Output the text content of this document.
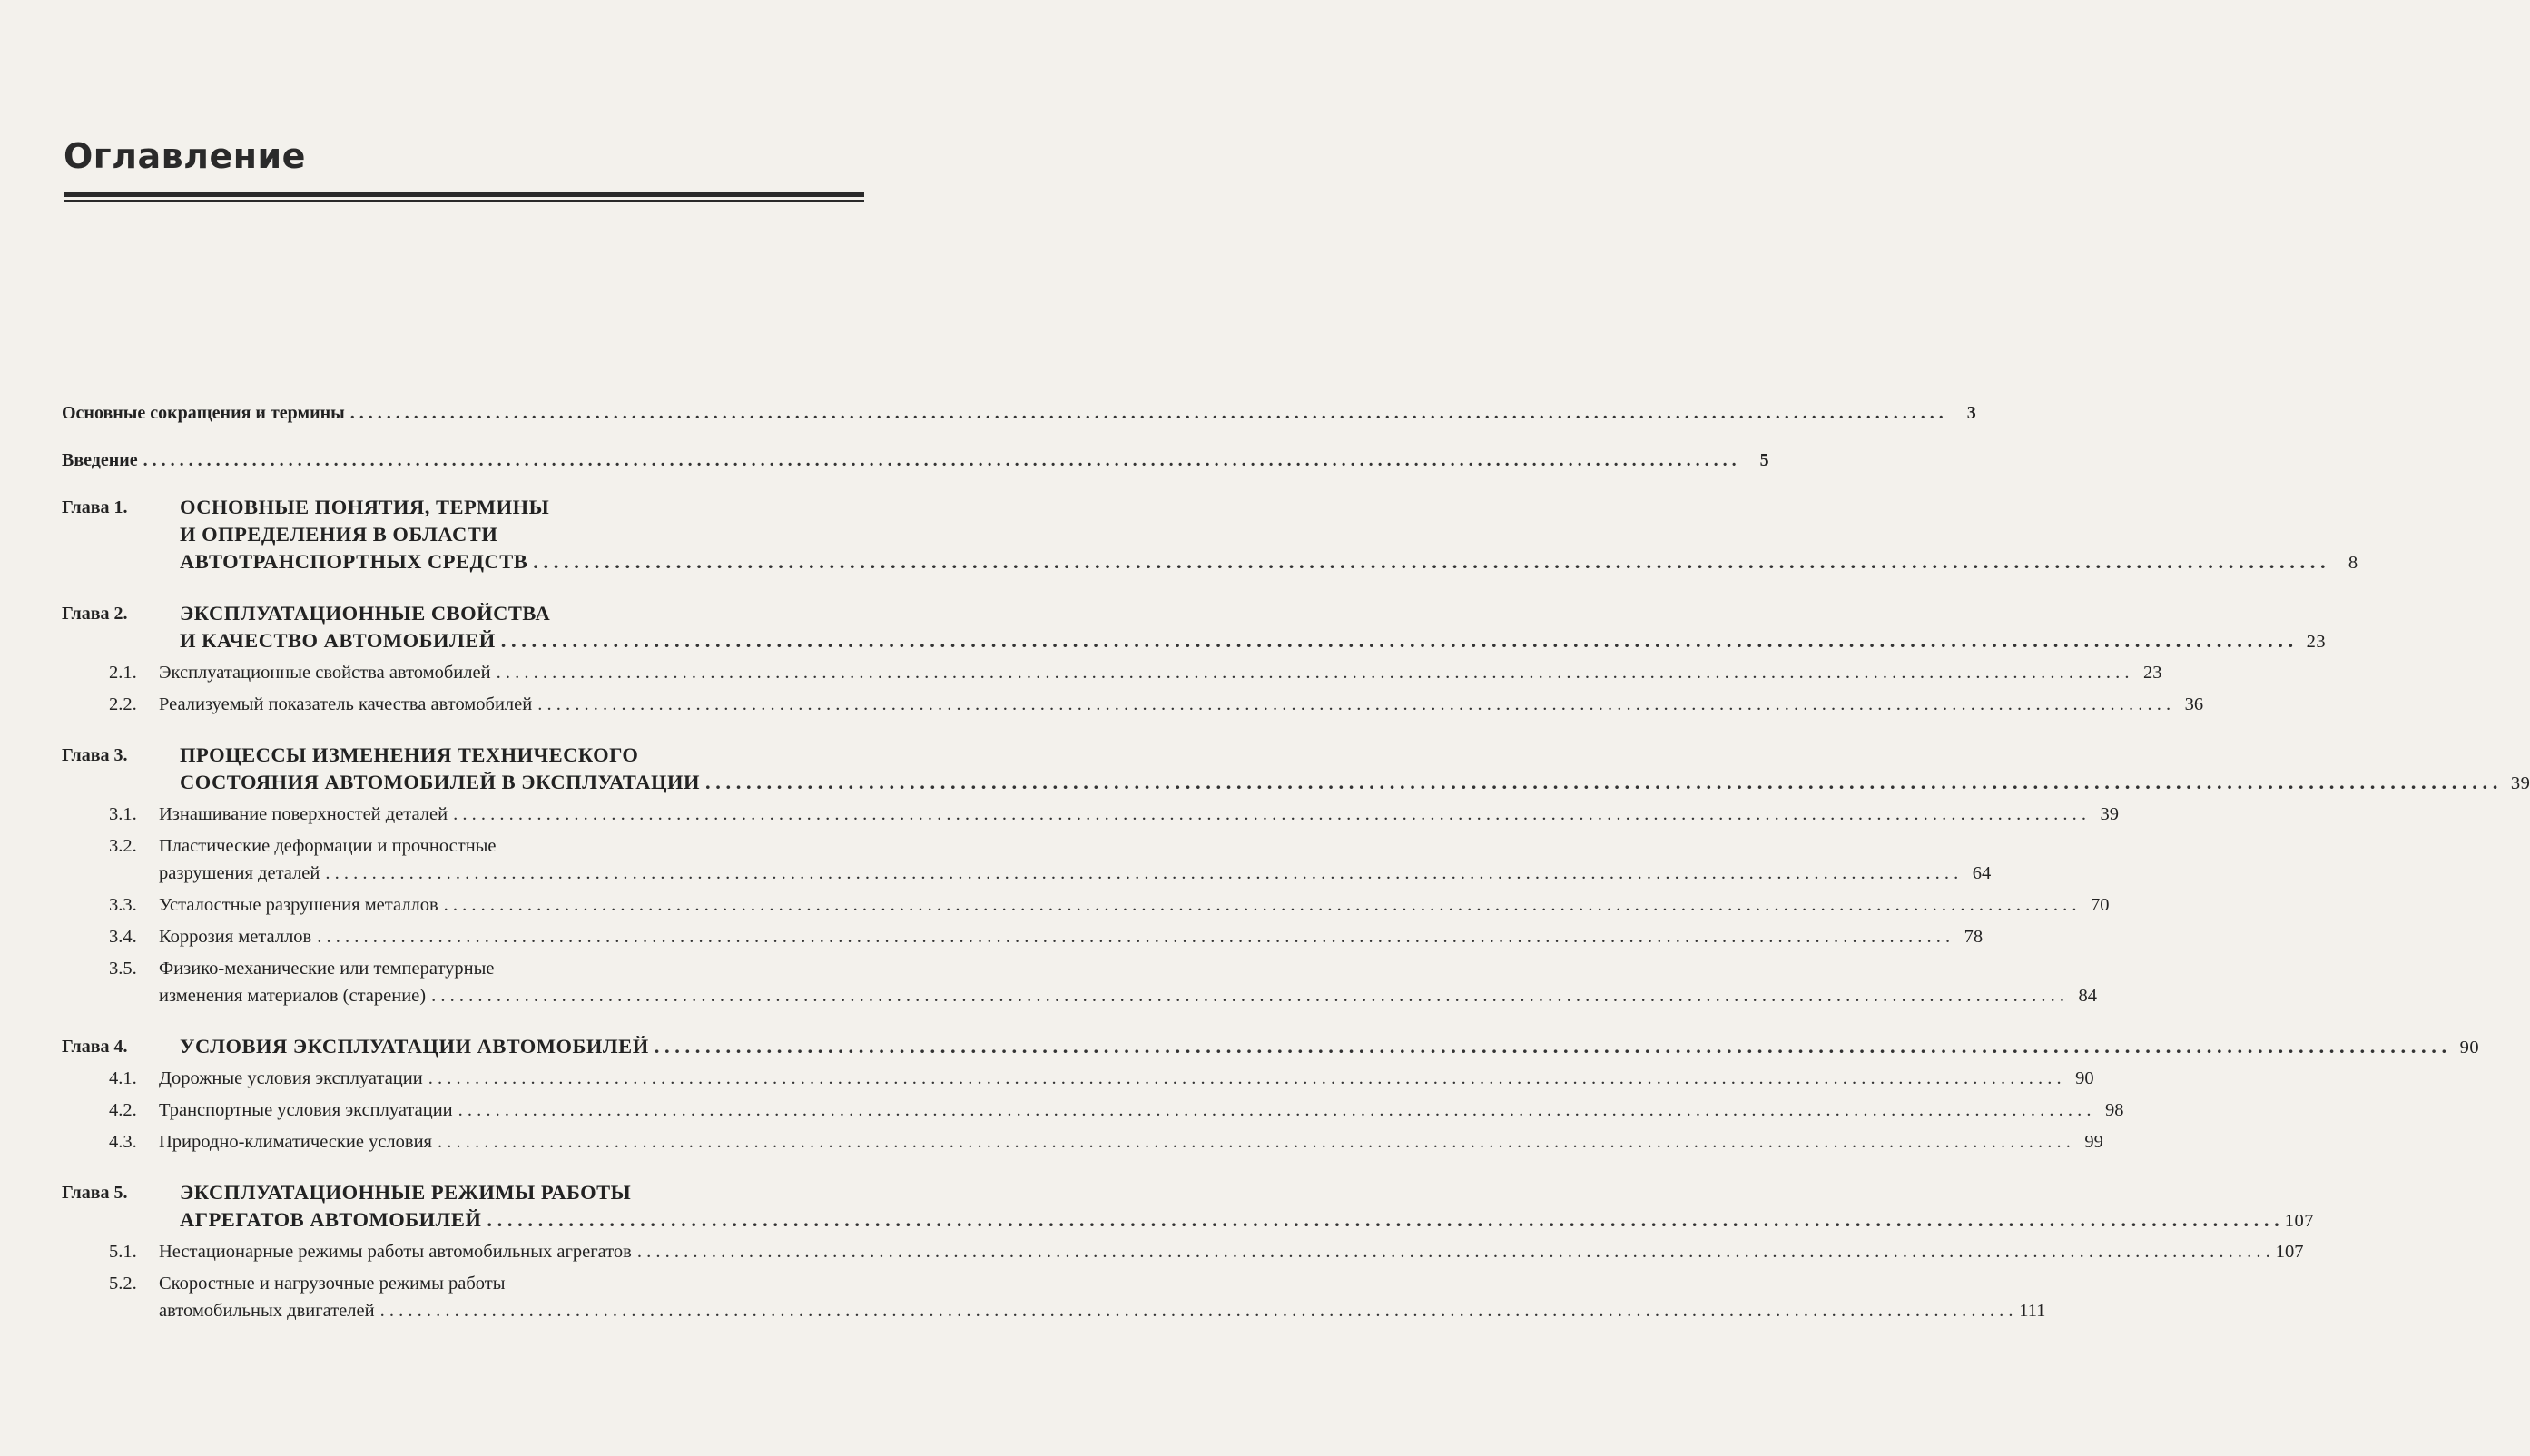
Оглавление
Основные сокращения и термины . . .	3
Введение . . .	5
Глава 1.	ОСНОВНЫЕ ПОНЯТИЯ, ТЕРМИНЫ
И ОПРЕДЕЛЕНИЯ В ОБЛАСТИ
АВТОТРАНСПОРТНЫХ СРЕДСТВ . . .	8
Глава 2.	ЭКСПЛУАТАЦИОННЫЕ СВОЙСТВА
И КАЧЕСТВО АВТОМОБИЛЕЙ . . .	23
2.1.	Эксплуатационные свойства автомобилей . . .	23
2.2.	Реализуемый показатель качества автомобилей . . .	36
Глава 3.	ПРОЦЕССЫ ИЗМЕНЕНИЯ ТЕХНИЧЕСКОГО
СОСТОЯНИЯ АВТОМОБИЛЕЙ В ЭКСПЛУАТАЦИИ . . .	39
3.1.	Изнашивание поверхностей деталей . . .	39
3.2.	Пластические деформации и прочностные
разрушения деталей . . .	64
3.3.	Усталостные разрушения металлов . . .	70
3.4.	Коррозия металлов . . .	78
3.5.	Физико-механические или температурные
изменения материалов (старение) . . .	84
Глава 4.	УСЛОВИЯ ЭКСПЛУАТАЦИИ АВТОМОБИЛЕЙ . . .	90
4.1.	Дорожные условия эксплуатации . . .	90
4.2.	Транспортные условия эксплуатации . . .	98
4.3.	Природно-климатические условия . . .	99
Глава 5.	ЭКСПЛУАТАЦИОННЫЕ РЕЖИМЫ РАБОТЫ
АГРЕГАТОВ АВТОМОБИЛЕЙ . . .	107
5.1.	Нестационарные режимы работы автомобильных агрегатов . . .	107
5.2.	Скоростные и нагрузочные режимы работы
автомобильных двигателей . . .	111
